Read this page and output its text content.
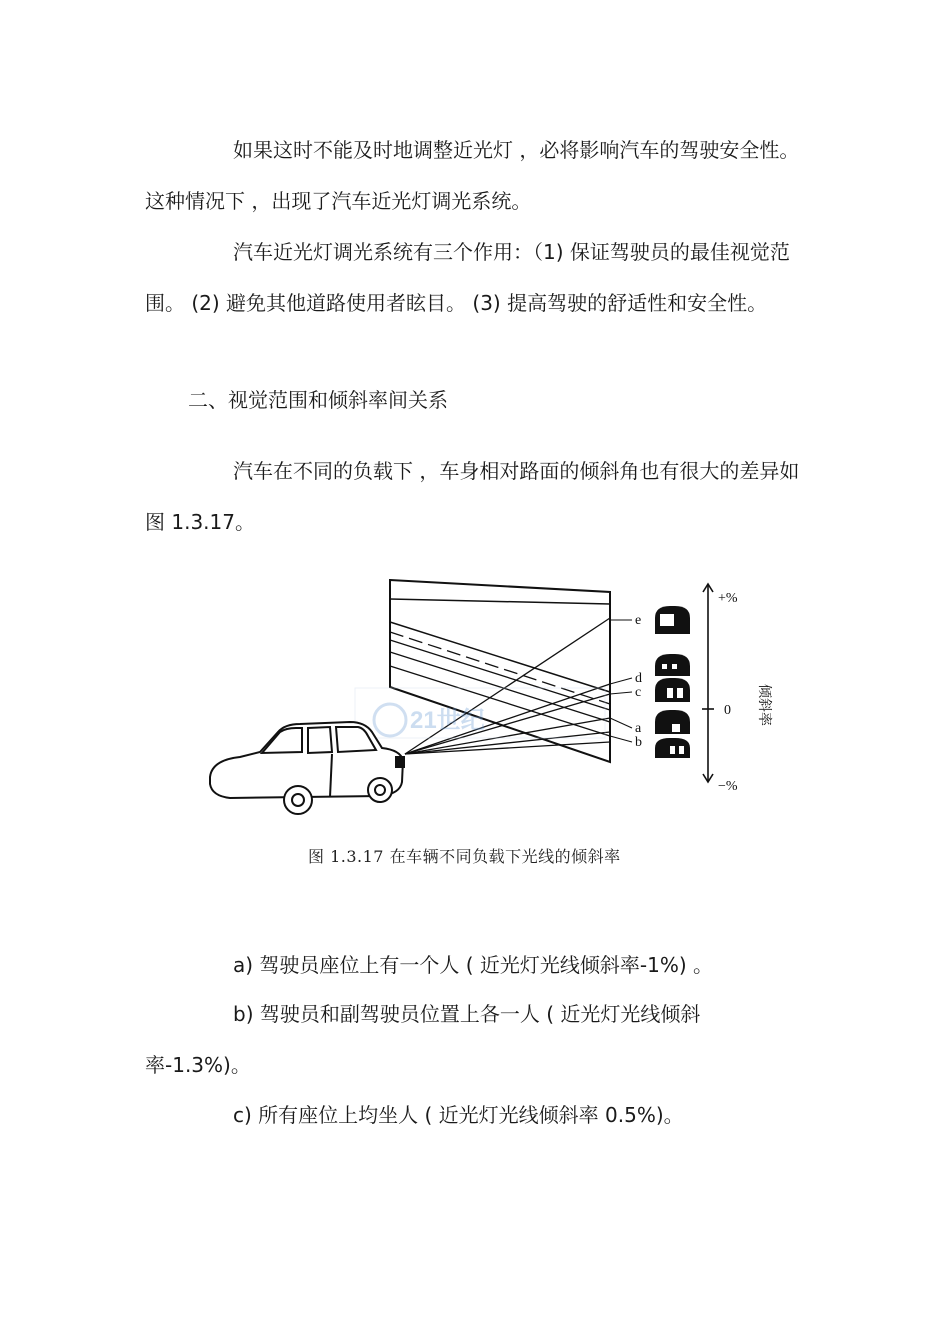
如果这时不能及时地调整近光灯 ，必将影响汽车的驾驶安全性。这种情况下 ，出现了汽车近光灯调光系统。

汽车近光灯调光系统有三个作用：（1) 保证驾驶员的最佳视觉范围。 (2) 避免其他道路使用者眩目。 (3) 提高驾驶的舒适性和安全性。

二、视觉范围和倾斜率间关系

汽车在不同的负载下 ，车身相对路面的倾斜角也有很大的差异如图 1.3.17。

21世纪
e
d
c
a
b
+%
0
−%
倾斜率
图 1.3.17 在车辆不同负载下光线的倾斜率

a) 驾驶员座位上有一个人 ( 近光灯光线倾斜率-1%) 。

b) 驾驶员和副驾驶员位置上各一人 ( 近光灯光线倾斜率-1.3%)。

c) 所有座位上均坐人 ( 近光灯光线倾斜率 0.5%)。
